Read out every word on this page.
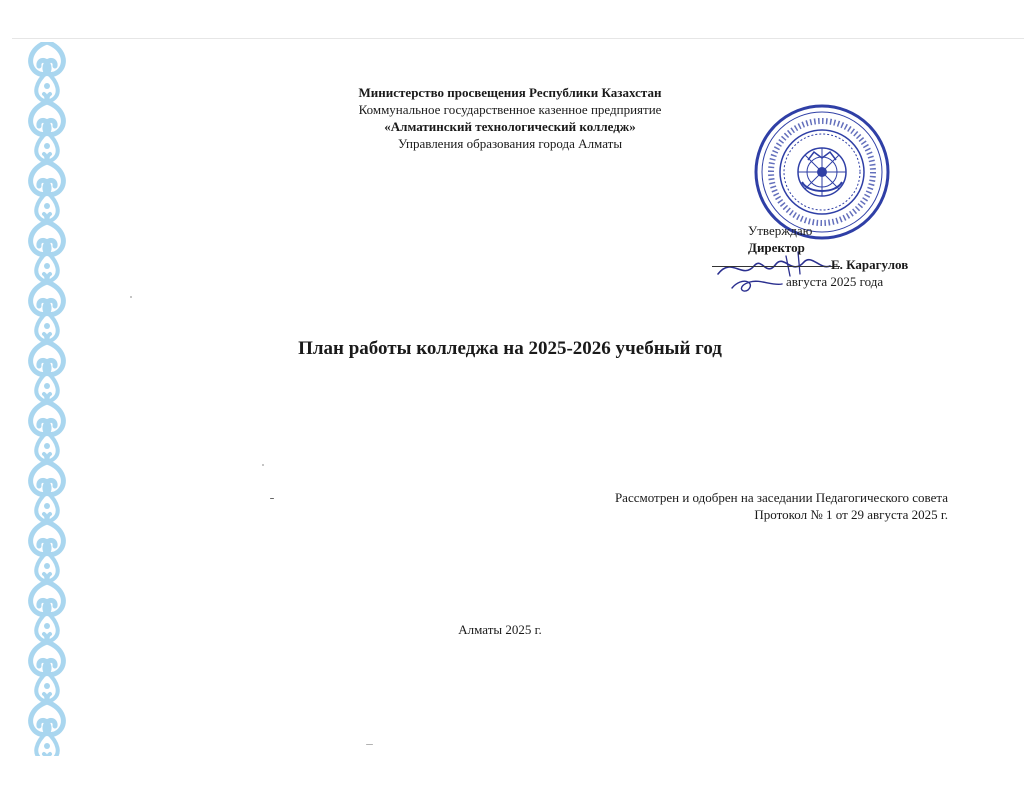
Министерство просвещения Республики Казахстан
Коммунальное государственное казенное предприятие
«Алматинский технологический колледж»
Управления образования города Алматы
Утверждаю
Директор
Е. Карагулов
августа 2025 года
План работы колледжа на 2025-2026 учебный год
Рассмотрен и одобрен на заседании Педагогического совета
Протокол № 1 от 29 августа 2025 г.
Алматы 2025 г.
